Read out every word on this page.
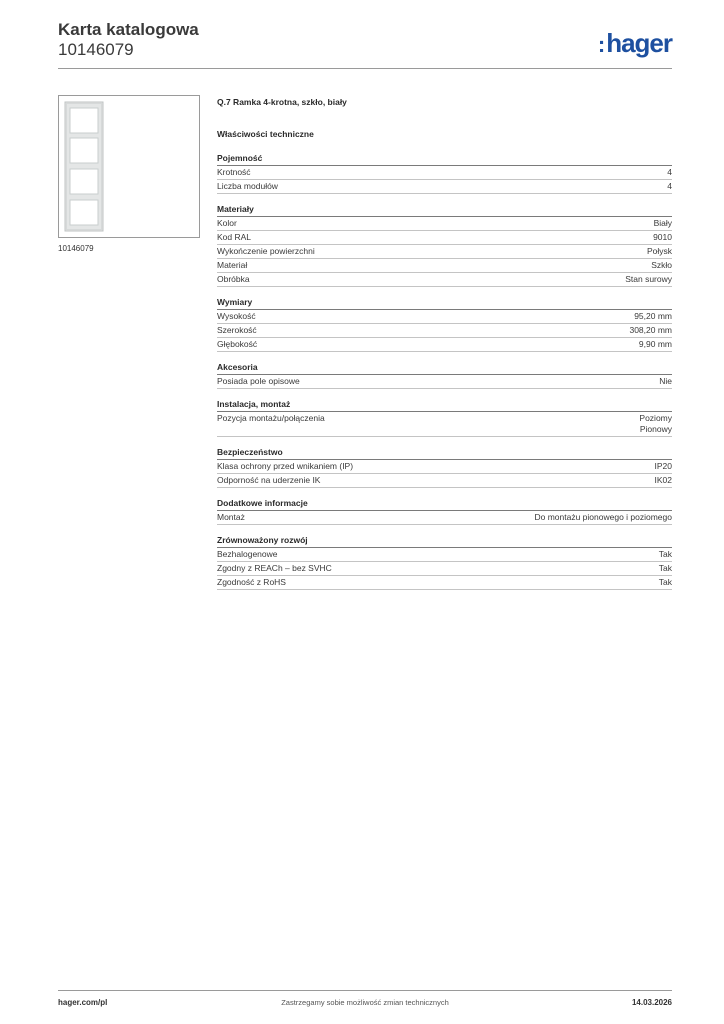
Karta katalogowa
10146079	:hager
10146079
Q.7 Ramka 4-krotna, szkło, biały
Właściwości techniczne
Pojemność
Krotność	4
Liczba modułów	4
Materiały
Kolor	Biały
Kod RAL	9010
Wykończenie powierzchni	Połysk
Materiał	Szkło
Obróbka	Stan surowy
Wymiary
Wysokość	95,20 mm
Szerokość	308,20 mm
Głębokość	9,90 mm
Akcesoria
Posiada pole opisowe	Nie
Instalacja, montaż
Pozycja montażu/połączenia	Poziomy
Pionowy
Bezpieczeństwo
Klasa ochrony przed wnikaniem (IP)	IP20
Odporność na uderzenie IK	IK02
Dodatkowe informacje
Montaż	Do montażu pionowego i poziomego
Zrównoważony rozwój
Bezhalogenowe	Tak
Zgodny z REACh – bez SVHC	Tak
Zgodność z RoHS	Tak
hager.com/pl	Zastrzegamy sobie możliwość zmian technicznych	14.03.2026
